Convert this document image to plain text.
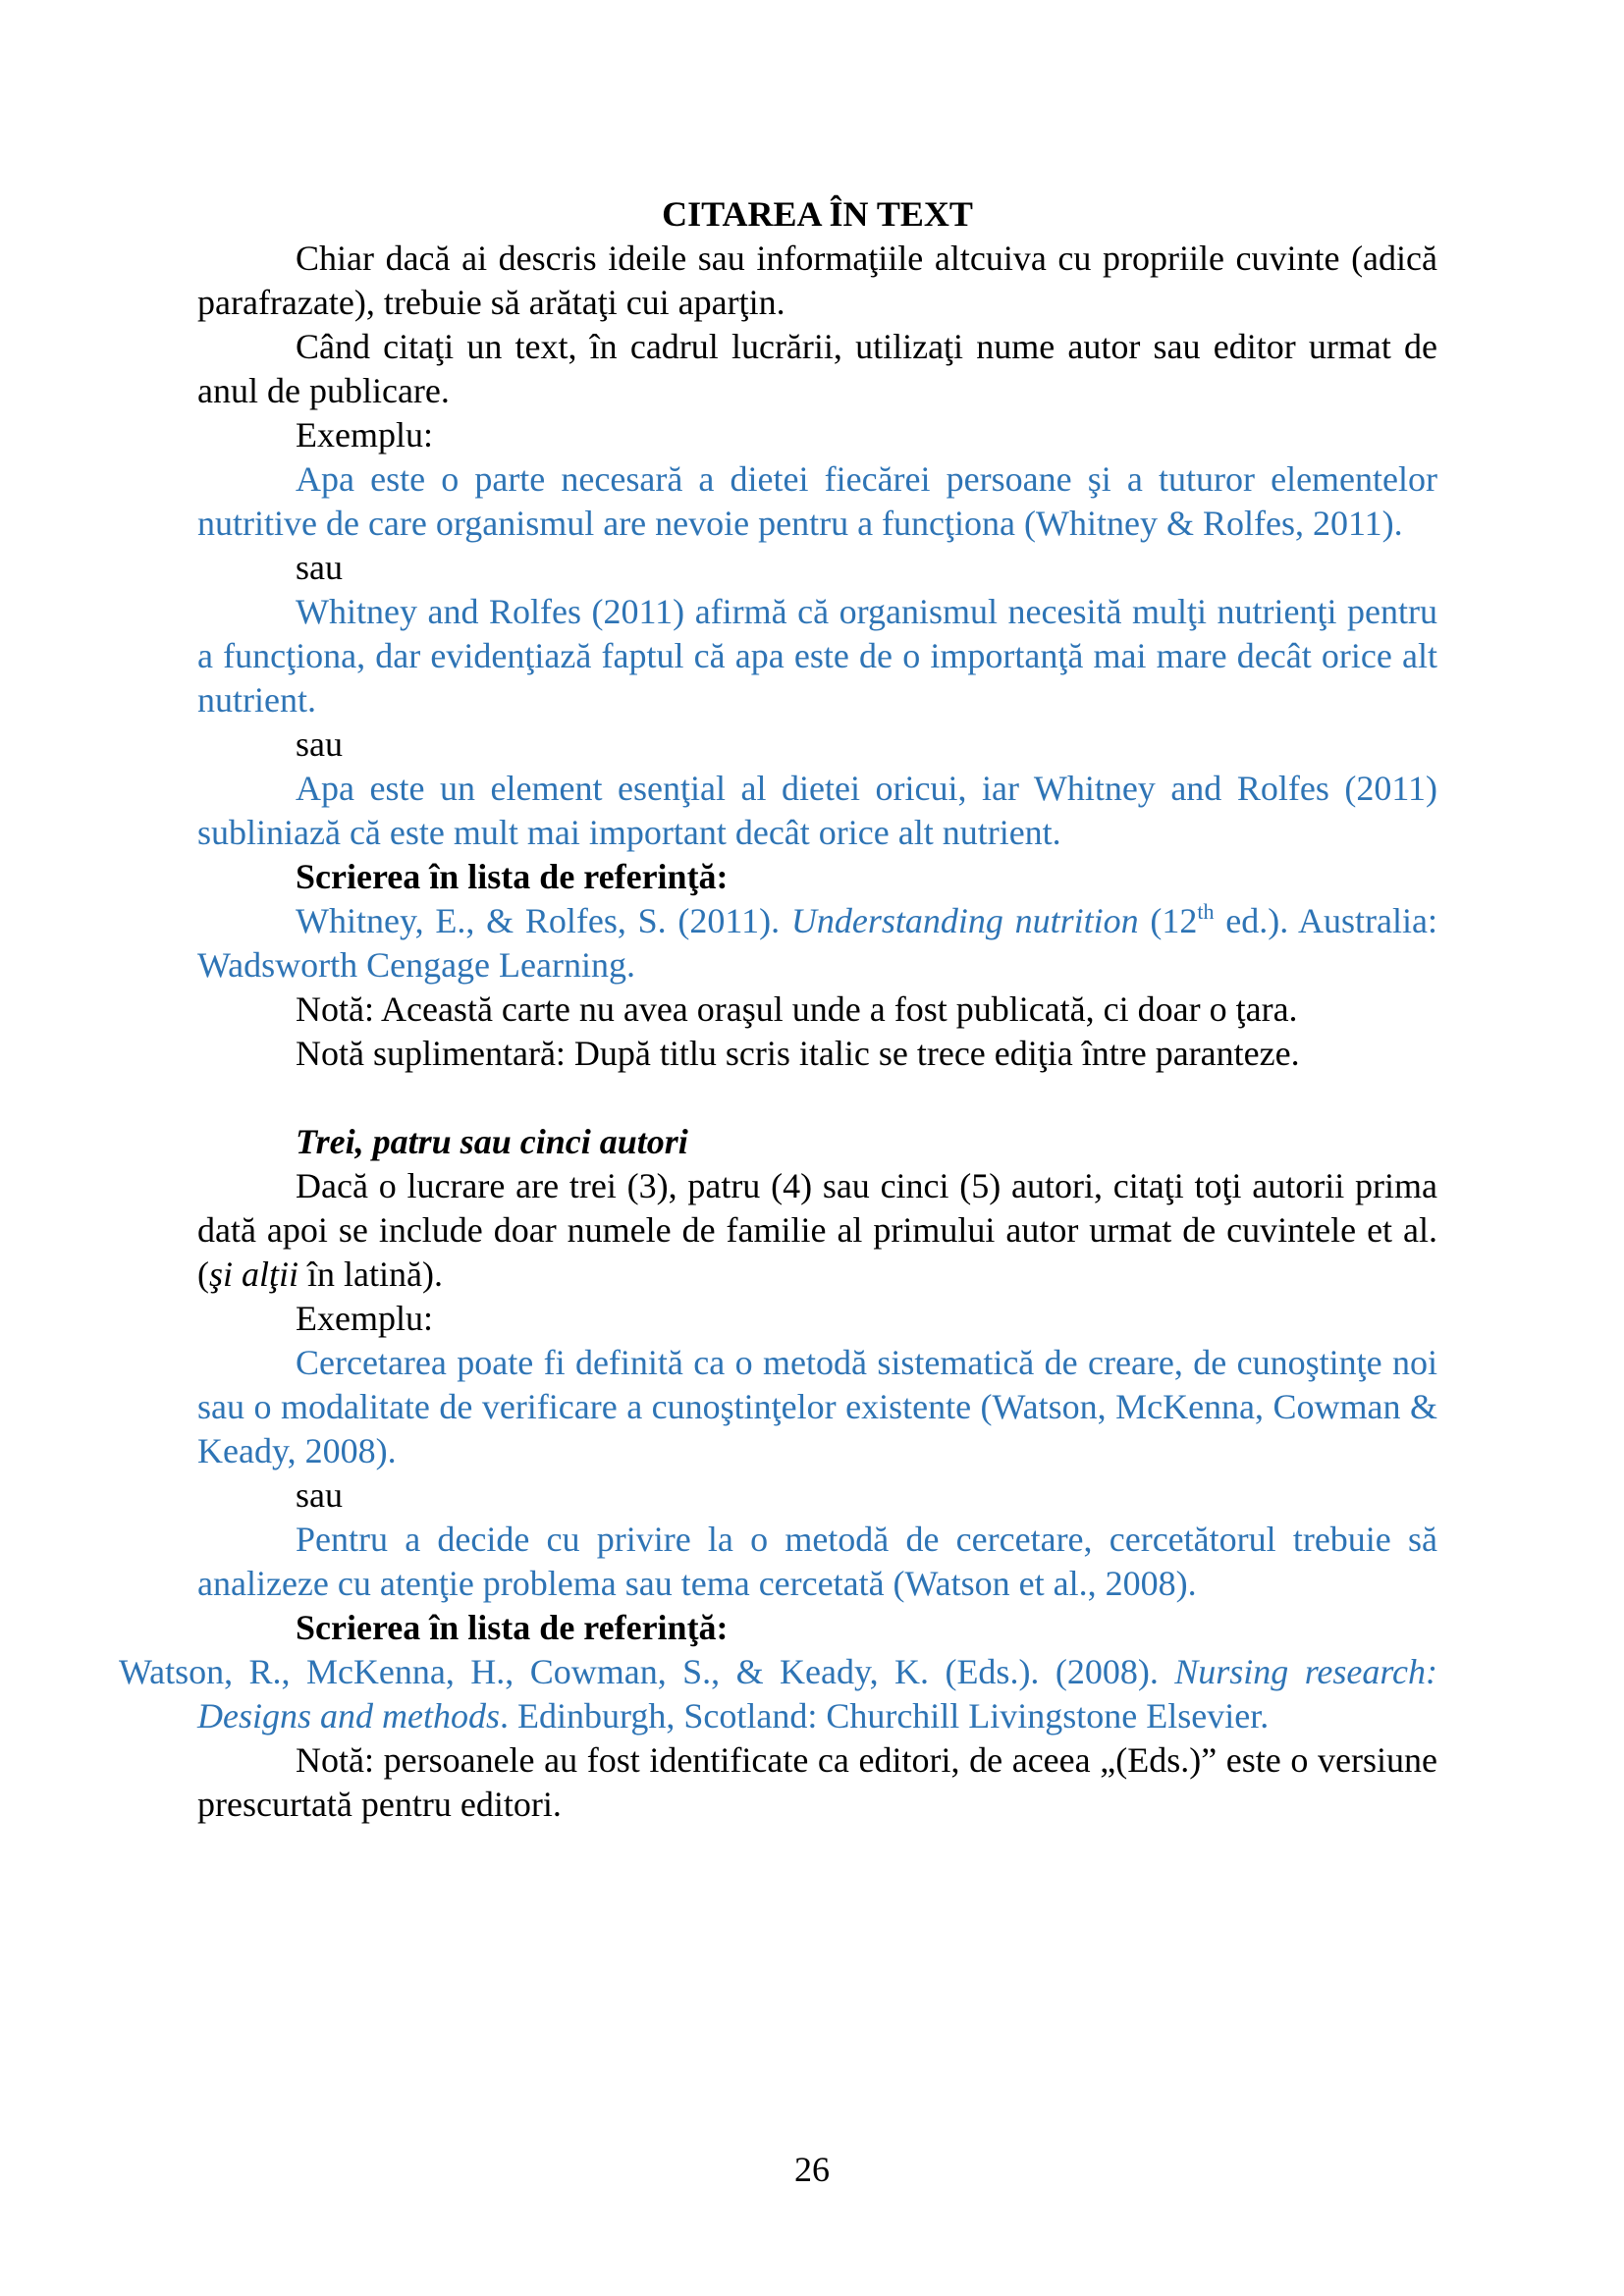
CITAREA ÎN TEXT

Chiar dacă ai descris ideile sau informaţiile altcuiva cu propriile cuvinte (adică parafrazate), trebuie să arătaţi cui aparţin.

Când citaţi un text, în cadrul lucrării, utilizaţi nume autor sau editor urmat de anul de publicare.

Exemplu:

Apa este o parte necesară a dietei fiecărei persoane şi a tuturor elementelor nutritive de care organismul are nevoie pentru a funcţiona (Whitney & Rolfes, 2011).

sau

Whitney and Rolfes (2011) afirmă că organismul necesită mulţi nutrienţi pentru a funcţiona, dar evidenţiază faptul că apa este de o importanţă mai mare decât orice alt nutrient.

sau

Apa este un element esenţial al dietei oricui, iar Whitney and Rolfes (2011) subliniază că este mult mai important decât orice alt nutrient.

Scrierea în lista de referinţă:

Whitney, E., & Rolfes, S. (2011). Understanding nutrition (12th ed.). Australia: Wadsworth Cengage Learning.

Notă: Această carte nu avea oraşul unde a fost publicată, ci doar o ţara.

Notă suplimentară: După titlu scris italic se trece ediţia între paranteze.

Trei, patru sau cinci autori

Dacă o lucrare are trei (3), patru (4) sau cinci (5) autori, citaţi toţi autorii prima dată apoi se include doar numele de familie al primului autor urmat de cuvintele et al. (şi alţii în latină).

Exemplu:

Cercetarea poate fi definită ca o metodă sistematică de creare, de cunoştinţe noi sau o modalitate de verificare a cunoştinţelor existente (Watson, McKenna, Cowman & Keady, 2008).

sau

Pentru a decide cu privire la o metodă de cercetare, cercetătorul trebuie să analizeze cu atenţie problema sau tema cercetată (Watson et al., 2008).

Scrierea în lista de referinţă:

Watson, R., McKenna, H., Cowman, S., & Keady, K. (Eds.). (2008). Nursing research: Designs and methods. Edinburgh, Scotland: Churchill Livingstone Elsevier.

Notă: persoanele au fost identificate ca editori, de aceea „(Eds.)” este o versiune prescurtată pentru editori.

26
